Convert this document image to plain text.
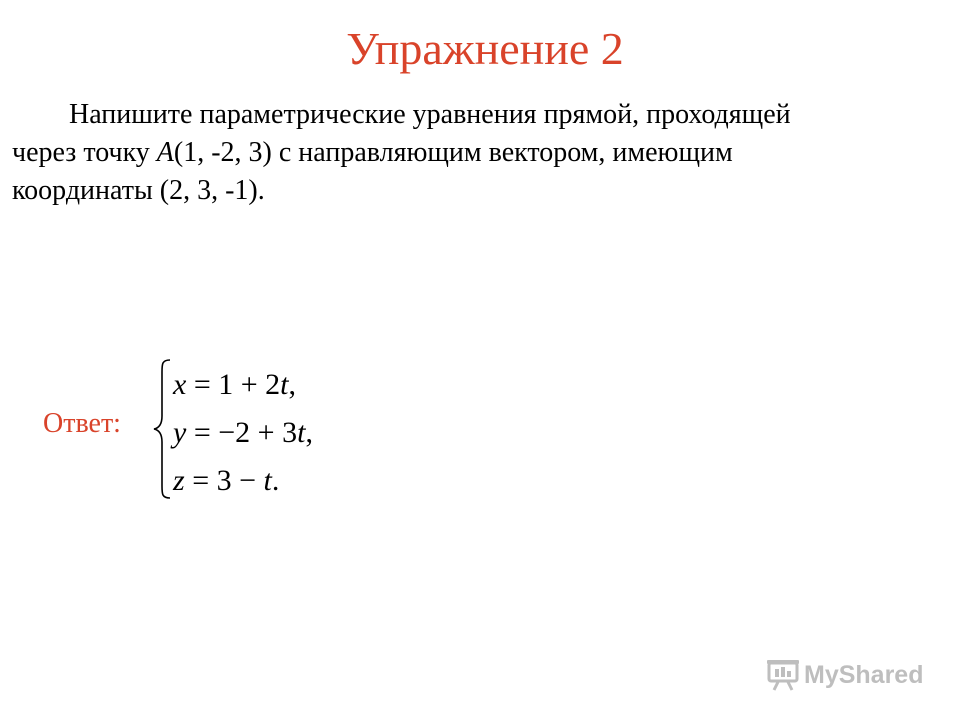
Упражнение 2
Напишите параметрические уравнения прямой, проходящей
через точку A(1, -2, 3) с направляющим вектором, имеющим
координаты (2, 3, -1).
Ответ:
x = 1 + 2t,
y = −2 + 3t,
z = 3 − t.
MyShared
